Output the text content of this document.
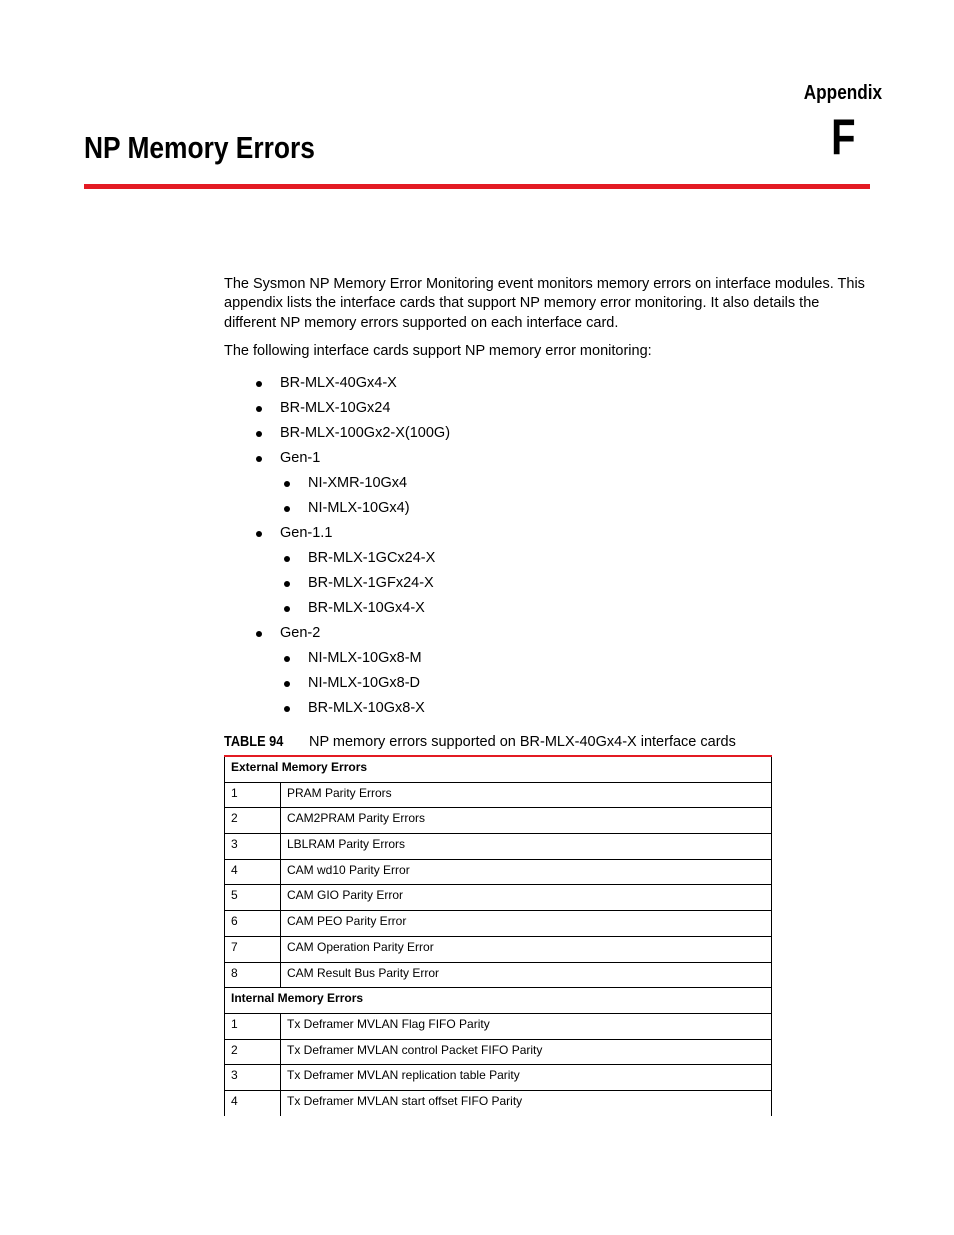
Appendix
F
NP Memory Errors

The Sysmon NP Memory Error Monitoring event monitors memory errors on interface modules. This appendix lists the interface cards that support NP memory error monitoring. It also details the different NP memory errors supported on each interface card.

The following interface cards support NP memory error monitoring:

BR-MLX-40Gx4-X
BR-MLX-10Gx24
BR-MLX-100Gx2-X(100G)
Gen-1
NI-XMR-10Gx4
NI-MLX-10Gx4)
Gen-1.1
BR-MLX-1GCx24-X
BR-MLX-1GFx24-X
BR-MLX-10Gx4-X
Gen-2
NI-MLX-10Gx8-M
NI-MLX-10Gx8-D
BR-MLX-10Gx8-X
TABLE 94 NP memory errors supported on BR-MLX-40Gx4-X interface cards
External Memory Errors	
1	PRAM Parity Errors
2	CAM2PRAM Parity Errors
3	LBLRAM Parity Errors
4	CAM wd10 Parity Error
5	CAM GIO Parity Error
6	CAM PEO Parity Error
7	CAM Operation Parity Error
8	CAM Result Bus Parity Error
Internal Memory Errors	
1	Tx Deframer MVLAN Flag FIFO Parity
2	Tx Deframer MVLAN control Packet FIFO Parity
3	Tx Deframer MVLAN replication table Parity
4	Tx Deframer MVLAN start offset FIFO Parity
